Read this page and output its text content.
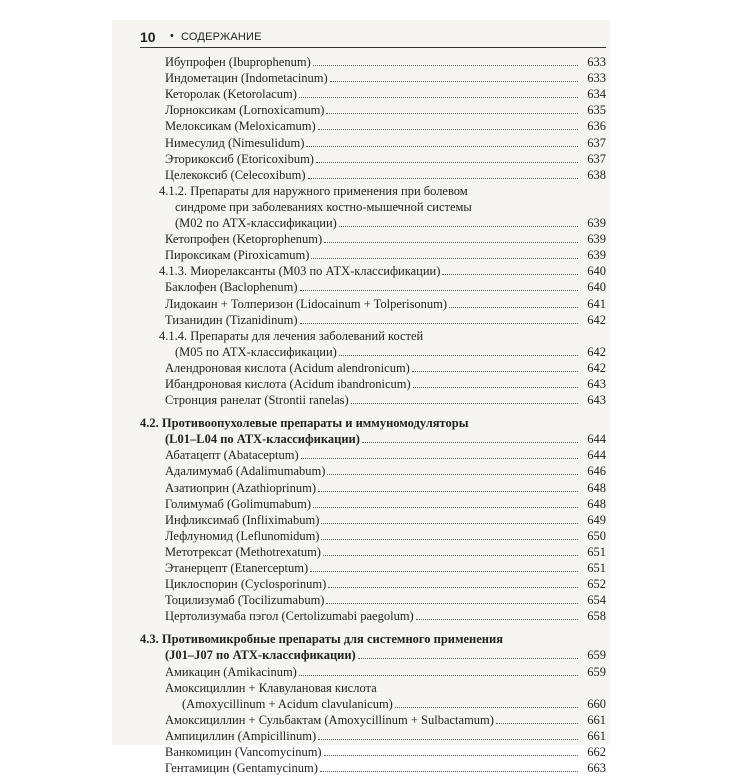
10 • СОДЕРЖАНИЕ
Ибупрофен (Ibuprophenum)	633
Индометацин (Indometacinum)	633
Кеторолак (Ketorolacum)	634
Лорноксикам (Lornoxicamum)	635
Мелоксикам (Meloxicamum)	636
Нимесулид (Nimesulidum)	637
Эторикоксиб (Etoricoxibum)	637
Целекоксиб (Celecoxibum)	638
4.1.2. Препараты для наружного применения при болевом
синдроме при заболеваниях костно-мышечной системы
(М02 по АТХ-классификации)	639
Кетопрофен (Ketoprophenum)	639
Пироксикам (Piroxicamum)	639
4.1.3. Миорелаксанты (М03 по АТХ-классификации)	640
Баклофен (Baclophenum)	640
Лидокаин + Толперизон (Lidocainum + Tolperisonum)	641
Тизанидин (Tizanidinum)	642
4.1.4. Препараты для лечения заболеваний костей
(М05 по АТХ-классификации)	642
Алендроновая кислота (Acidum alendronicum)	642
Ибандроновая кислота (Acidum ibandronicum)	643
Стронция ранелат (Strontii ranelas)	643
4.2. Противоопухолевые препараты и иммуномодуляторы
(L01–L04 по АТХ-классификации)	644
Абатацепт (Abataceptum)	644
Адалимумаб (Adalimumabum)	646
Азатиоприн (Azathioprinum)	648
Голимумаб (Golimumabum)	648
Инфликсимаб (Infliximabum)	649
Лефлуномид (Leflunomidum)	650
Метотрексат (Methotrexatum)	651
Этанерцепт (Etanerceptum)	651
Циклоспорин (Cyclosporinum)	652
Тоцилизумаб (Tocilizumabum)	654
Цертолизумаба пэгол (Certolizumabi paegolum)	658
4.3. Противомикробные препараты для системного применения
(J01–J07 по АТХ-классификации)	659
Амикацин (Amikacinum)	659
Амоксициллин + Клавулановая кислота
(Amoxycillinum + Acidum clavulanicum)	660
Амоксициллин + Сульбактам (Amoxycillinum + Sulbactamum)	661
Ампициллин (Ampicillinum)	661
Ванкомицин (Vancomycinum)	662
Гентамицин (Gentamycinum)	663
